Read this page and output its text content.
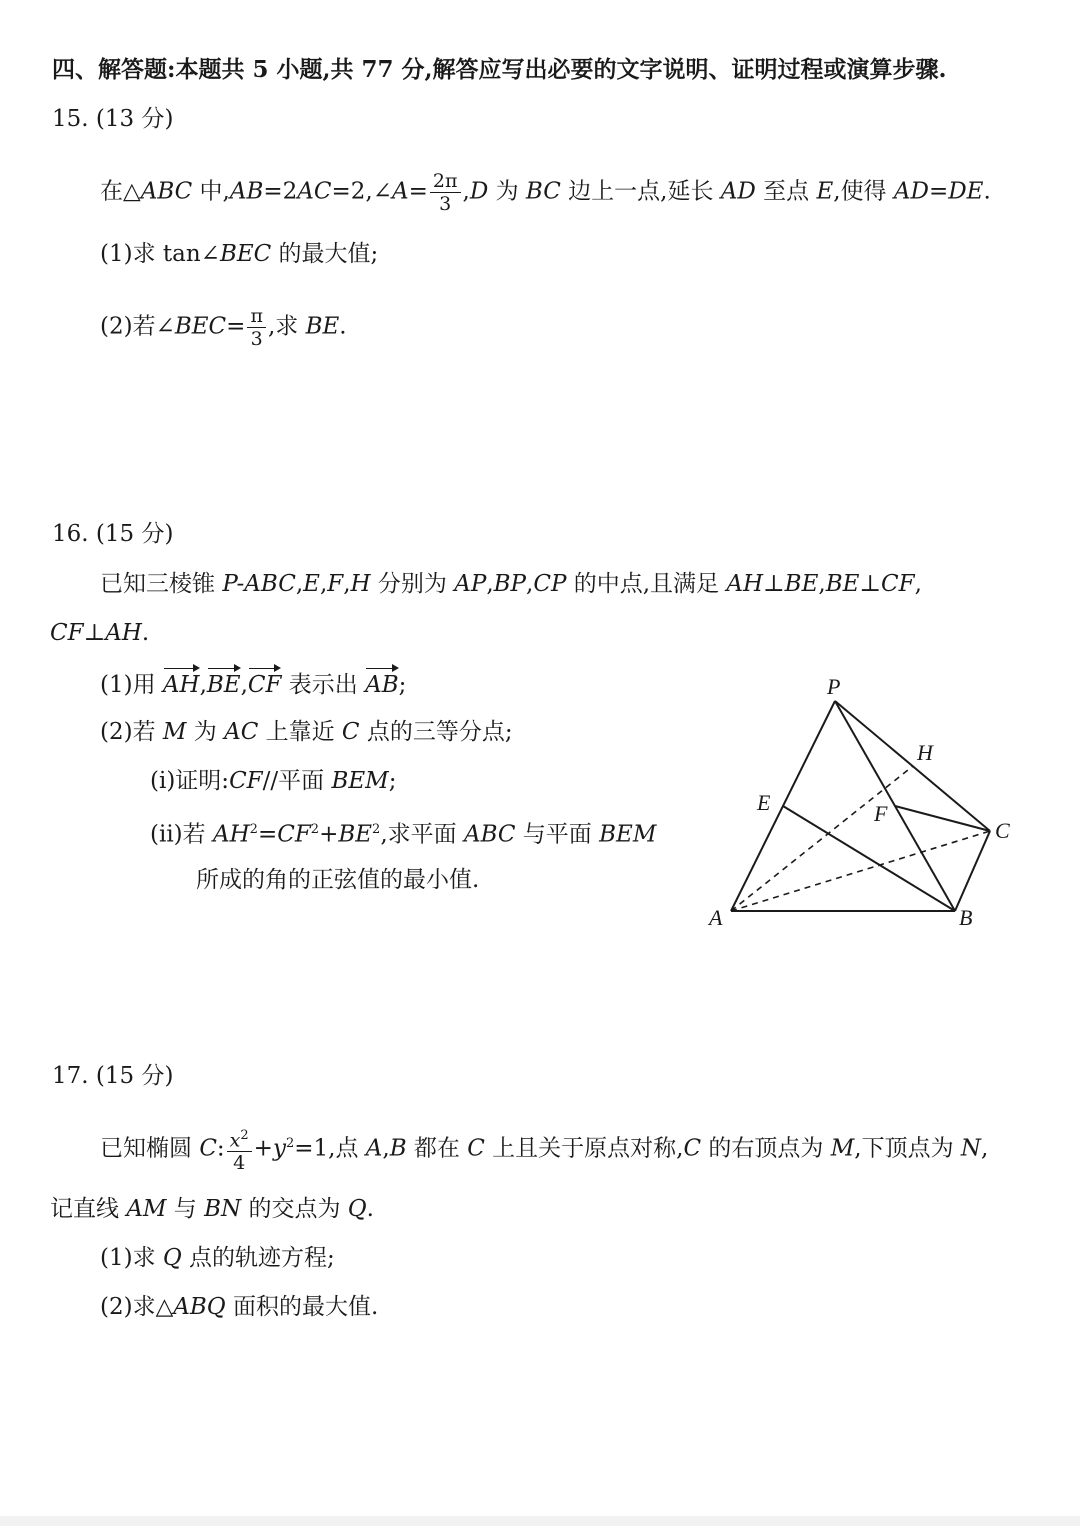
四、解答题:本题共 5 小题,共 77 分,解答应写出必要的文字说明、证明过程或演算步骤.
15. (13 分)
在△ABC 中,AB=2AC=2,∠A= $\frac{2\pi}{3} ,D$ 为 BC 边上一点,延长 AD 至点 E,使得 AD=DE.
(1)求 tan∠BEC 的最大值;
(2)若∠BEC= $\frac{\pi}{3}$ ,求 BE.
16. (15 分)
已知三棱锥 P-ABC,E,F,H 分别为 AP,BP,CP 的中点,且满足 AH⊥BE,BE⊥CF,
CF⊥AH.
(1)用 AH,BE,CF 表示出 AB;
(2)若 M 为 AC 上靠近 C 点的三等分点;
(ⅰ)证明:CF//平面 BEM;
(ⅱ)若 $AH^2=CF^2+BE^2$,求平面 ABC 与平面 BEM
所成的角的正弦值的最小值.
P
H
E	F
C
A	B
17. (15 分)
已知椭圆 C: $\frac{x^2}{4} +y^2=1$,点 A,B 都在 C 上且关于原点对称,C 的右顶点为 M,下顶点为 N,
记直线 AM 与 BN 的交点为 Q.
(1)求 Q 点的轨迹方程;
(2)求△ABQ 面积的最大值.
